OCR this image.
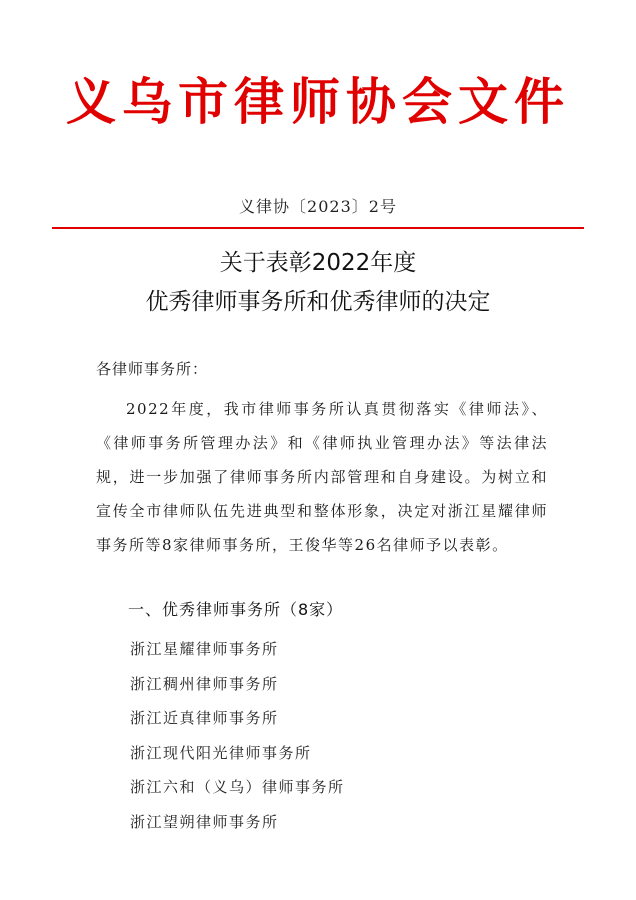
义乌市律师协会文件
义律协〔2023〕2号
关于表彰2022年度
优秀律师事务所和优秀律师的决定
各律师事务所：
2022年度，我市律师事务所认真贯彻落实《律师法》、《律师事务所管理办法》和《律师执业管理办法》等法律法规，进一步加强了律师事务所内部管理和自身建设。为树立和宣传全市律师队伍先进典型和整体形象，决定对浙江星耀律师事务所等8家律师事务所，王俊华等26名律师予以表彰。
一、优秀律师事务所（8家）
浙江星耀律师事务所
浙江稠州律师事务所
浙江近真律师事务所
浙江现代阳光律师事务所
浙江六和（义乌）律师事务所
浙江望朔律师事务所
